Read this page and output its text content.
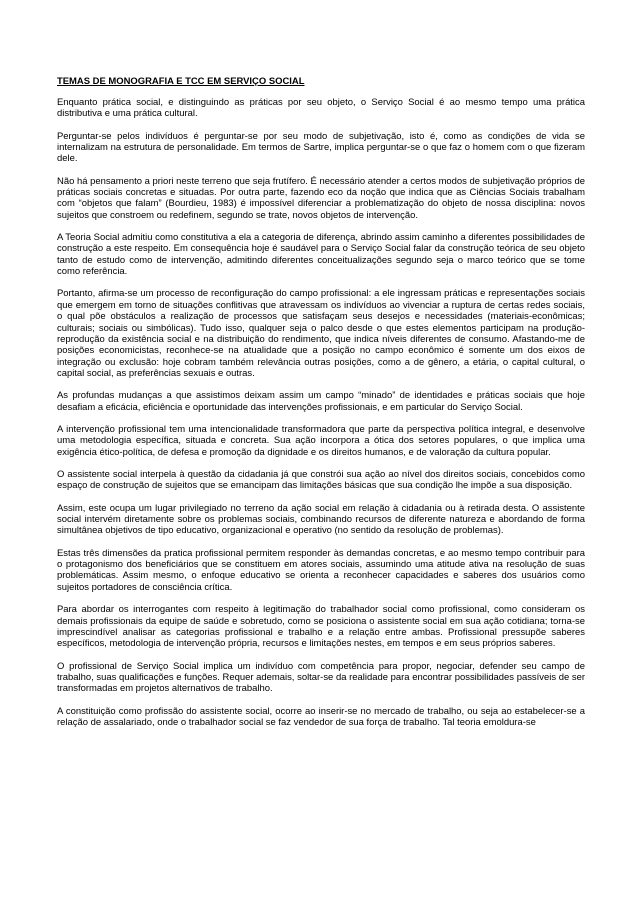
TEMAS DE MONOGRAFIA E TCC EM SERVIÇO SOCIAL

Enquanto prática social, e distinguindo as práticas por seu objeto, o Serviço Social é ao mesmo tempo uma prática distributiva e uma prática cultural.

Perguntar-se pelos indivíduos é perguntar-se por seu modo de subjetivação, isto é, como as condições de vida se internalizam na estrutura de personalidade. Em termos de Sartre, implica perguntar-se o que faz o homem com o que fizeram dele.

Não há pensamento a priori neste terreno que seja frutífero. É necessário atender a certos modos de subjetivação próprios de práticas sociais concretas e situadas. Por outra parte, fazendo eco da noção que indica que as Ciências Sociais trabalham com “objetos que falam” (Bourdieu, 1983) é impossível diferenciar a problematização do objeto de nossa disciplina: novos sujeitos que constroem ou redefinem, segundo se trate, novos objetos de intervenção.

A Teoria Social admitiu como constitutiva a ela a categoria de diferença, abrindo assim caminho a diferentes possibilidades de construção a este respeito. Em consequência hoje é saudável para o Serviço Social falar da construção teórica de seu objeto tanto de estudo como de intervenção, admitindo diferentes conceitualizações segundo seja o marco teórico que se tome como referência.

Portanto, afirma-se um processo de reconfiguração do campo profissional: a ele ingressam práticas e representações sociais que emergem em torno de situações conflitivas que atravessam os indivíduos ao vivenciar a ruptura de certas redes sociais, o qual põe obstáculos a realização de processos que satisfaçam seus desejos e necessidades (materiais-econômicas; culturais; sociais ou simbólicas). Tudo isso, qualquer seja o palco desde o que estes elementos participam na produção-reprodução da existência social e na distribuição do rendimento, que indica níveis diferentes de consumo. Afastando-me de posições economicistas, reconhece-se na atualidade que a posição no campo econômico é somente um dos eixos de integração ou exclusão: hoje cobram também relevância outras posições, como a de gênero, a etária, o capital cultural, o capital social, as preferências sexuais e outras.

As profundas mudanças a que assistimos deixam assim um campo “minado” de identidades e práticas sociais que hoje desafiam a eficácia, eficiência e oportunidade das intervenções profissionais, e em particular do Serviço Social.

A intervenção profissional tem uma intencionalidade transformadora que parte da perspectiva política integral, e desenvolve uma metodologia específica, situada e concreta. Sua ação incorpora a ótica dos setores populares, o que implica uma exigência ético-política, de defesa e promoção da dignidade e os direitos humanos, e de valoração da cultura popular.

O assistente social interpela à questão da cidadania já que constrói sua ação ao nível dos direitos sociais, concebidos como espaço de construção de sujeitos que se emancipam das limitações básicas que sua condição lhe impõe a sua disposição.

Assim, este ocupa um lugar privilegiado no terreno da ação social em relação à cidadania ou à retirada desta. O assistente social intervém diretamente sobre os problemas sociais, combinando recursos de diferente natureza e abordando de forma simultânea objetivos de tipo educativo, organizacional e operativo (no sentido da resolução de problemas).

Estas três dimensões da pratica profissional permitem responder às demandas concretas, e ao mesmo tempo contribuir para o protagonismo dos beneficiários que se constituem em atores sociais, assumindo uma atitude ativa na resolução de suas problemáticas. Assim mesmo, o enfoque educativo se orienta a reconhecer capacidades e saberes dos usuários como sujeitos portadores de consciência crítica.

Para abordar os interrogantes com respeito à legitimação do trabalhador social como profissional, como consideram os demais profissionais da equipe de saúde e sobretudo, como se posiciona o assistente social em sua ação cotidiana; torna-se imprescindível analisar as categorias profissional e trabalho e a relação entre ambas. Profissional pressupõe saberes específicos, metodologia de intervenção própria, recursos e limitações nestes, em tempos e em seus próprios saberes.

O profissional de Serviço Social implica um indivíduo com competência para propor, negociar, defender seu campo de trabalho, suas qualificações e funções. Requer ademais, soltar-se da realidade para encontrar possibilidades passíveis de ser transformadas em projetos alternativos de trabalho.

A constituição como profissão do assistente social, ocorre ao inserir-se no mercado de trabalho, ou seja ao estabelecer-se a relação de assalariado, onde o trabalhador social se faz vendedor de sua força de trabalho. Tal teoria emoldura-se
